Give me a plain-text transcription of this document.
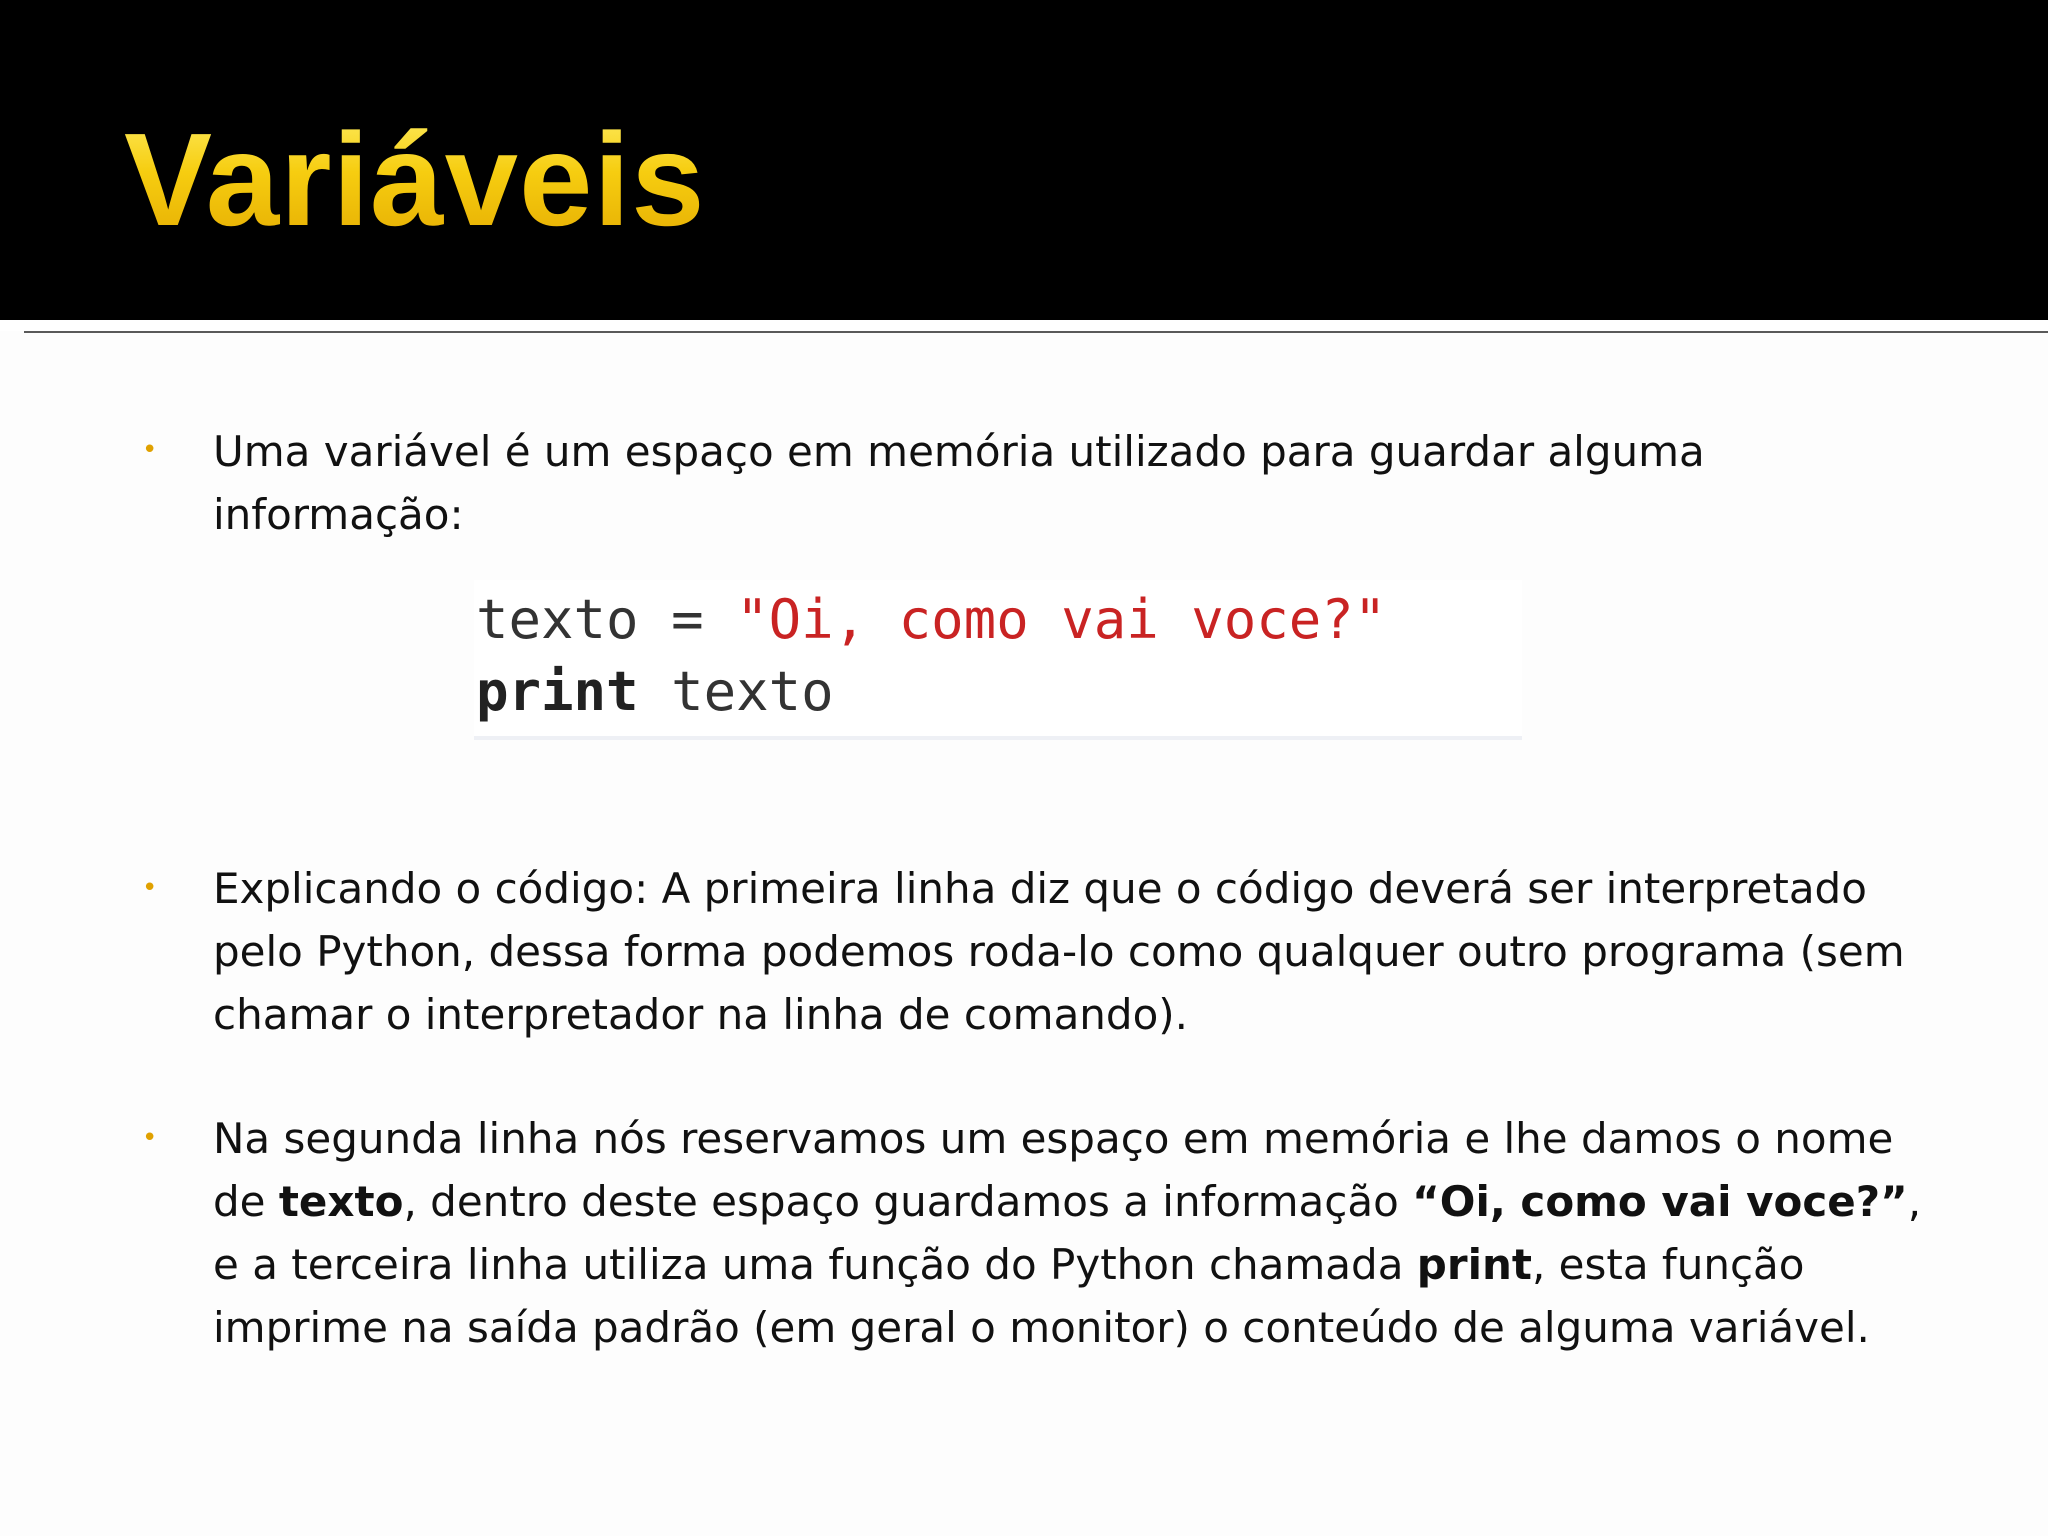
Variáveis
• Uma variável é um espaço em memória utilizado para guardar alguma informação:
texto = "Oi, como vai voce?"
print texto
• Explicando o código: A primeira linha diz que o código deverá ser interpretado pelo Python, dessa forma podemos roda-lo como qualquer outro programa (sem chamar o interpretador na linha de comando).
• Na segunda linha nós reservamos um espaço em memória e lhe damos o nome de texto, dentro deste espaço guardamos a informação “Oi, como vai voce?”, e a terceira linha utiliza uma função do Python chamada print, esta função imprime na saída padrão (em geral o monitor) o conteúdo de alguma variável.
